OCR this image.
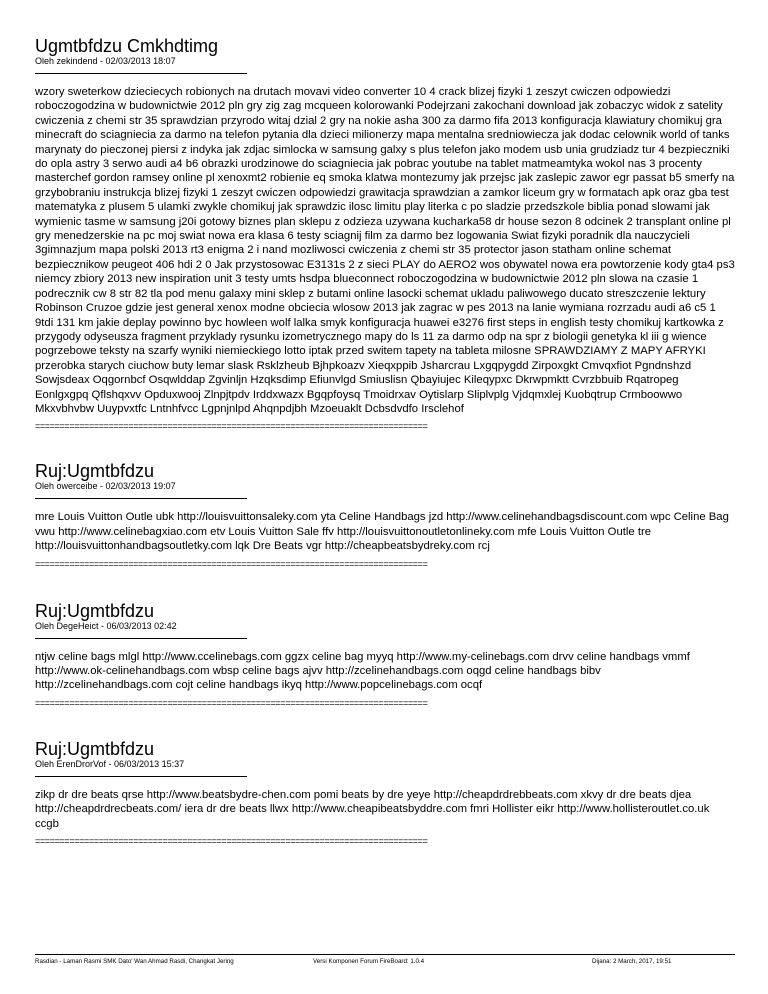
Ugmtbfdzu Cmkhdtimg
Oleh zekindend - 02/03/2013 18:07
wzory sweterkow dzieciecych robionych na drutach movavi video converter 10 4 crack blizej fizyki 1 zeszyt cwiczen odpowiedzi roboczogodzina w budownictwie 2012 pln gry zig zag mcqueen kolorowanki Podejrzani zakochani download jak zobaczyc widok z satelity cwiczenia z chemi str 35 sprawdzian przyrodo witaj dzial 2 gry na nokie asha 300 za darmo fifa 2013 konfiguracja klawiatury chomikuj gra minecraft do sciagniecia za darmo na telefon pytania dla dzieci milionerzy mapa mentalna sredniowiecza jak dodac celownik world of tanks marynaty do pieczonej piersi z indyka jak zdjac simlocka w samsung galxy s plus telefon jako modem usb unia grudziadz tur 4 bezpieczniki do opla astry 3 serwo audi a4 b6 obrazki urodzinowe do sciagniecia jak pobrac youtube na tablet matmeamtyka wokol nas 3 procenty masterchef gordon ramsey online pl xenoxmt2 robienie eq smoka klatwa montezumy jak przejsc jak zaslepic zawor egr passat b5 smerfy na grzybobraniu instrukcja blizej fizyki 1 zeszyt cwiczen odpowiedzi grawitacja sprawdzian a zamkor liceum gry w formatach apk oraz gba test matematyka z plusem 5 ulamki zwykle chomikuj jak sprawdzic ilosc limitu play literka c po sladzie przedszkole biblia ponad slowami jak wymienic tasme w samsung j20i gotowy biznes plan sklepu z odzieza uzywana kucharka58 dr house sezon 8 odcinek 2 transplant online pl gry menedzerskie na pc moj swiat nowa era klasa 6 testy sciagnij film za darmo bez logowania Swiat fizyki poradnik dla nauczycieli 3gimnazjum mapa polski 2013 rt3 enigma 2 i nand mozliwosci cwiczenia z chemi str 35 protector jason statham online schemat bezpiecznikow peugeot 406 hdi 2 0 Jak przystosowac E3131s 2 z sieci PLAY do AERO2 wos obywatel nowa era powtorzenie kody gta4 ps3 niemcy zbiory 2013 new inspiration unit 3 testy umts hsdpa blueconnect roboczogodzina w budownictwie 2012 pln slowa na czasie 1 podrecznik cw 8 str 82 tla pod menu galaxy mini sklep z butami online lasocki schemat ukladu paliwowego ducato streszczenie lektury Robinson Cruzoe gdzie jest general xenox modne obciecia wlosow 2013 jak zagrac w pes 2013 na lanie wymiana rozrzadu audi a6 c5 1 9tdi 131 km jakie deplay powinno byc howleen wolf lalka smyk konfiguracja huawei e3276 first steps in english testy chomikuj kartkowka z przygody odyseusza fragment przyklady rysunku izometrycznego mapy do ls 11 za darmo odp na spr z biologii genetyka kl iii g wience pogrzebowe teksty na szarfy wyniki niemieckiego lotto iptak przed switem tapety na tableta milosne SPRAWDZIAMY Z MAPY AFRYKI przerobka starych ciuchow buty lemar slask Rsklzheub Bjhpkoazv Xieqxppib Jsharcrau Lxgqpygdd Zirpoxgkt Cmvqxfiot Pgndnshzd Sowjsdeax Oqgornbcf Osqwlddap Zgvinljn Hzqksdimp Efiunvlgd Smiuslisn Qbayiujec Kileqypxc Dkrwpmktt Cvrzbbuib Rqatropeg Eonlgxgpq Qflshqxvv Opduxwooj Zlnpjtpdv Irddxwazx Bgqpfoysq Tmoidrxav Oytislarp Sliplvplg Vjdqmxlej Kuobqtrup Crmboowwo Mkxvbhvbw Uuypvxtfc Lntnhfvcc Lgpnjnlpd Ahqnpdjbh Mzoeuaklt Dcbsdvdfo Irsclehof
================================================================================
Ruj:Ugmtbfdzu
Oleh owerceibe - 02/03/2013 19:07
mre Louis Vuitton Outle ubk http://louisvuittonsaleky.com yta Celine Handbags jzd http://www.celinehandbagsdiscount.com wpc Celine Bag vwu http://www.celinebagxiao.com etv Louis Vuitton Sale ffv http://louisvuittonoutletonlineky.com mfe Louis Vuitton Outle tre http://louisvuittonhandbagsoutletky.com lqk Dre Beats vgr http://cheapbeatsbydreky.com rcj
================================================================================
Ruj:Ugmtbfdzu
Oleh DegeHeict - 06/03/2013 02:42
ntjw celine bags mlgl http://www.ccelinebags.com ggzx celine bag myyq http://www.my-celinebags.com drvv celine handbags vmmf http://www.ok-celinehandbags.com wbsp celine bags ajvv http://zcelinehandbags.com oqgd celine handbags bibv http://zcelinehandbags.com cojt celine handbags ikyq http://www.popcelinebags.com ocqf
================================================================================
Ruj:Ugmtbfdzu
Oleh ErenDrorVof - 06/03/2013 15:37
zikp dr dre beats qrse http://www.beatsbydre-chen.com pomi beats by dre yeye http://cheapdrdrebbeats.com xkvy dr dre beats djea http://cheapdrdrecbeats.com/ iera dr dre beats llwx http://www.cheapibeatsbyddre.com fmri Hollister eikr http://www.hollisteroutlet.co.uk ccgb
================================================================================
Rasdian - Laman Rasmi SMK Dato' Wan Ahmad Rasdi, Changkat Jering	Versi Komponen Forum FireBoard: 1.0.4	Dijana: 2 March, 2017, 19:51
